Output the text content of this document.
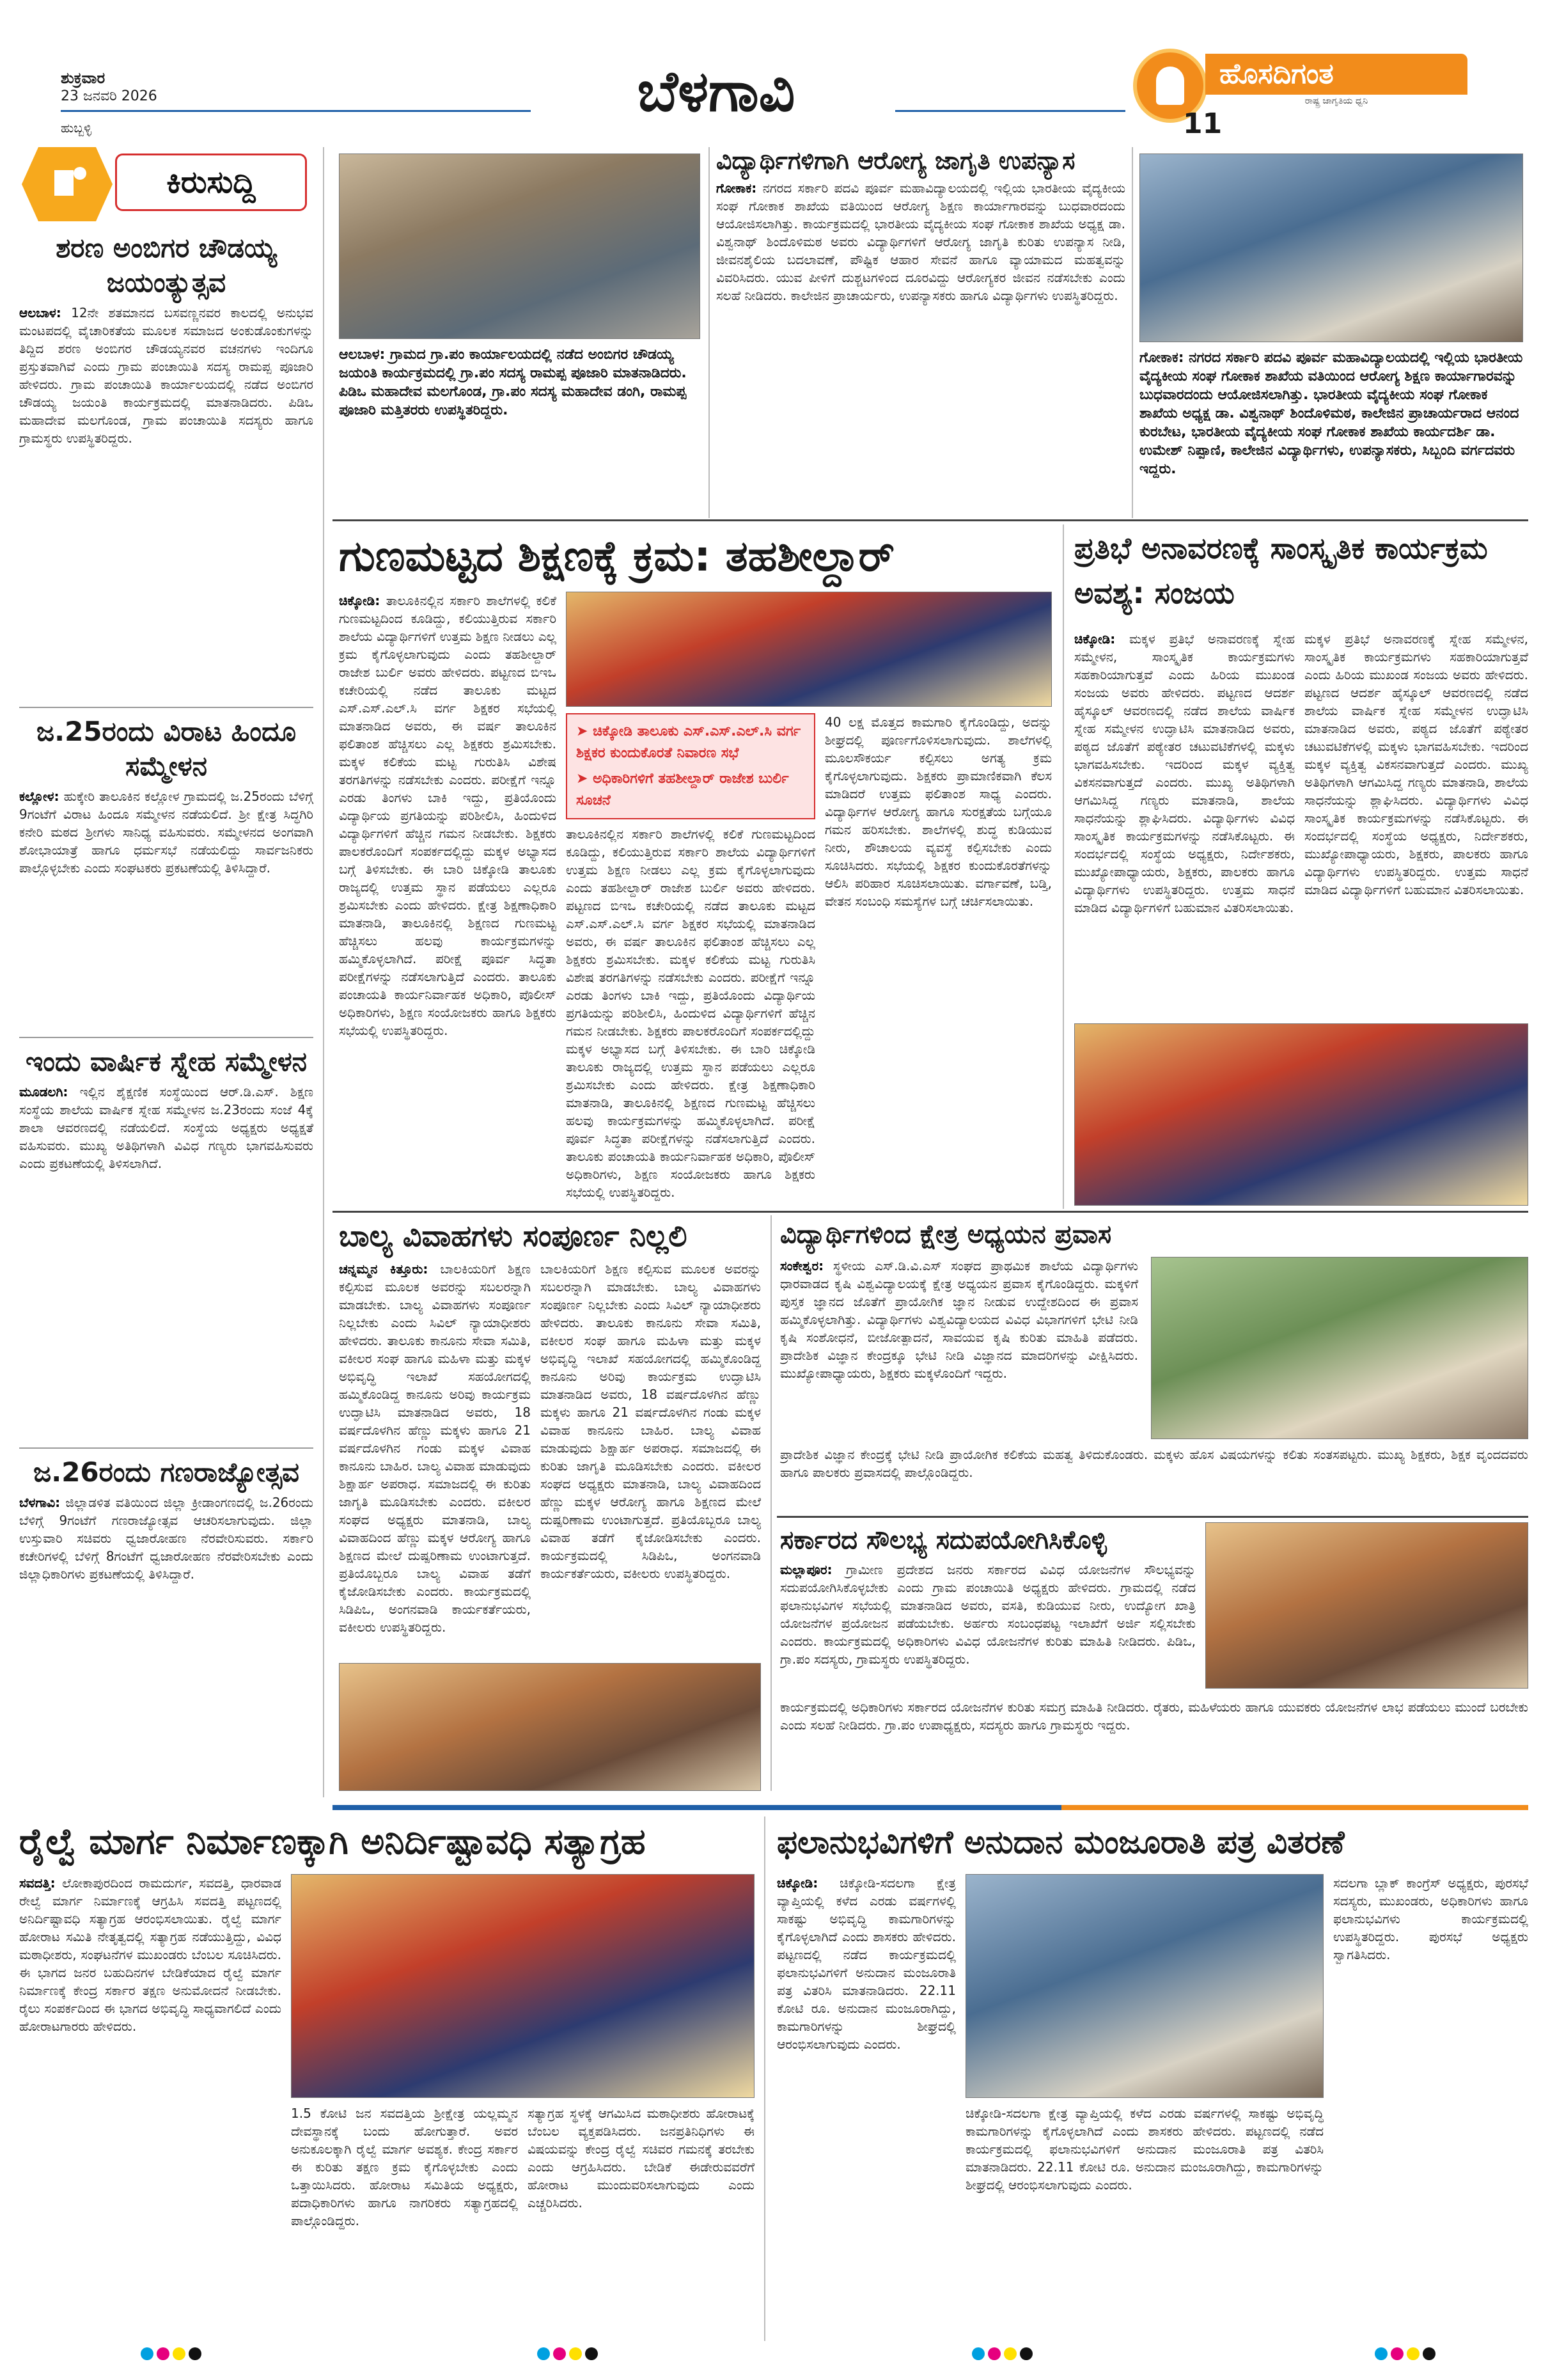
ಶುಕ್ರವಾರ
23 ಜನವರಿ 2026
ಹುಬ್ಬಳ್ಳಿ
ಬೆಳಗಾವಿ	ಹೊಸದಿಗಂತ
ರಾಷ್ಟ್ರ ಜಾಗೃತಿಯ ಧ್ವನಿ
11
ಕಿರುಸುದ್ದಿ
ಶರಣ ಅಂಬಿಗರ ಚೌಡಯ್ಯ ಜಯಂತ್ಯುತ್ಸವ
ಆಲಬಾಳ: 12ನೇ ಶತಮಾನದ ಬಸವಣ್ಣನವರ ಕಾಲದಲ್ಲಿ ಅನುಭವ ಮಂಟಪದಲ್ಲಿ ವೈಚಾರಿಕತೆಯ ಮೂಲಕ ಸಮಾಜದ ಅಂಕುಡೊಂಕುಗಳನ್ನು ತಿದ್ದಿದ ಶರಣ ಅಂಬಿಗರ ಚೌಡಯ್ಯನವರ ವಚನಗಳು ಇಂದಿಗೂ ಪ್ರಸ್ತುತವಾಗಿವೆ ಎಂದು ಗ್ರಾಮ ಪಂಚಾಯಿತಿ ಸದಸ್ಯ ರಾಮಪ್ಪ ಪೂಜಾರಿ ಹೇಳಿದರು. ಗ್ರಾಮ ಪಂಚಾಯಿತಿ ಕಾರ್ಯಾಲಯದಲ್ಲಿ ನಡೆದ ಅಂಬಿಗರ ಚೌಡಯ್ಯ ಜಯಂತಿ ಕಾರ್ಯಕ್ರಮದಲ್ಲಿ ಮಾತನಾಡಿದರು. ಪಿಡಿಒ ಮಹಾದೇವ ಮಲಗೊಂಡ, ಗ್ರಾಮ ಪಂಚಾಯಿತಿ ಸದಸ್ಯರು ಹಾಗೂ ಗ್ರಾಮಸ್ಥರು ಉಪಸ್ಥಿತರಿದ್ದರು.
ಜ.25ರಂದು ವಿರಾಟ ಹಿಂದೂ ಸಮ್ಮೇಳನ
ಕಲ್ಲೋಳ: ಹುಕ್ಕೇರಿ ತಾಲೂಕಿನ ಕಲ್ಲೋಳ ಗ್ರಾಮದಲ್ಲಿ ಜ.25ರಂದು ಬೆಳಿಗ್ಗೆ 9ಗಂಟೆಗೆ ವಿರಾಟ ಹಿಂದೂ ಸಮ್ಮೇಳನ ನಡೆಯಲಿದೆ. ಶ್ರೀ ಕ್ಷೇತ್ರ ಸಿದ್ಧಗಿರಿ ಕನೇರಿ ಮಠದ ಶ್ರೀಗಳು ಸಾನಿಧ್ಯ ವಹಿಸುವರು. ಸಮ್ಮೇಳನದ ಅಂಗವಾಗಿ ಶೋಭಾಯಾತ್ರೆ ಹಾಗೂ ಧರ್ಮಸಭೆ ನಡೆಯಲಿದ್ದು ಸಾರ್ವಜನಿಕರು ಪಾಲ್ಗೊಳ್ಳಬೇಕು ಎಂದು ಸಂಘಟಕರು ಪ್ರಕಟಣೆಯಲ್ಲಿ ತಿಳಿಸಿದ್ದಾರೆ.
ಇಂದು ವಾರ್ಷಿಕ ಸ್ನೇಹ ಸಮ್ಮೇಳನ
ಮೂಡಲಗಿ: ಇಲ್ಲಿನ ಶೈಕ್ಷಣಿಕ ಸಂಸ್ಥೆಯಿಂದ ಆರ್.ಡಿ.ಎಸ್. ಶಿಕ್ಷಣ ಸಂಸ್ಥೆಯ ಶಾಲೆಯ ವಾರ್ಷಿಕ ಸ್ನೇಹ ಸಮ್ಮೇಳನ ಜ.23ರಂದು ಸಂಜೆ 4ಕ್ಕೆ ಶಾಲಾ ಆವರಣದಲ್ಲಿ ನಡೆಯಲಿದೆ. ಸಂಸ್ಥೆಯ ಅಧ್ಯಕ್ಷರು ಅಧ್ಯಕ್ಷತೆ ವಹಿಸುವರು. ಮುಖ್ಯ ಅತಿಥಿಗಳಾಗಿ ವಿವಿಧ ಗಣ್ಯರು ಭಾಗವಹಿಸುವರು ಎಂದು ಪ್ರಕಟಣೆಯಲ್ಲಿ ತಿಳಿಸಲಾಗಿದೆ.
ಜ.26ರಂದು ಗಣರಾಜ್ಯೋತ್ಸವ
ಬೆಳಗಾವಿ: ಜಿಲ್ಲಾಡಳಿತ ವತಿಯಿಂದ ಜಿಲ್ಲಾ ಕ್ರೀಡಾಂಗಣದಲ್ಲಿ ಜ.26ರಂದು ಬೆಳಿಗ್ಗೆ 9ಗಂಟೆಗೆ ಗಣರಾಜ್ಯೋತ್ಸವ ಆಚರಿಸಲಾಗುವುದು. ಜಿಲ್ಲಾ ಉಸ್ತುವಾರಿ ಸಚಿವರು ಧ್ವಜಾರೋಹಣ ನೆರವೇರಿಸುವರು. ಸರ್ಕಾರಿ ಕಚೇರಿಗಳಲ್ಲಿ ಬೆಳಿಗ್ಗೆ 8ಗಂಟೆಗೆ ಧ್ವಜಾರೋಹಣ ನೆರವೇರಿಸಬೇಕು ಎಂದು ಜಿಲ್ಲಾಧಿಕಾರಿಗಳು ಪ್ರಕಟಣೆಯಲ್ಲಿ ತಿಳಿಸಿದ್ದಾರೆ.
ಆಲಬಾಳ: ಗ್ರಾಮದ ಗ್ರಾ.ಪಂ ಕಾರ್ಯಾಲಯದಲ್ಲಿ ನಡೆದ ಅಂಬಿಗರ ಚೌಡಯ್ಯ ಜಯಂತಿ ಕಾರ್ಯಕ್ರಮದಲ್ಲಿ ಗ್ರಾ.ಪಂ ಸದಸ್ಯ ರಾಮಪ್ಪ ಪೂಜಾರಿ ಮಾತನಾಡಿದರು. ಪಿಡಿಒ ಮಹಾದೇವ ಮಲಗೊಂಡ, ಗ್ರಾ.ಪಂ ಸದಸ್ಯ ಮಹಾದೇವ ಡಂಗಿ, ರಾಮಪ್ಪ ಪೂಜಾರಿ ಮತ್ತಿತರರು ಉಪಸ್ಥಿತರಿದ್ದರು.
ವಿದ್ಯಾರ್ಥಿಗಳಿಗಾಗಿ ಆರೋಗ್ಯ ಜಾಗೃತಿ ಉಪನ್ಯಾಸ
ಗೋಕಾಕ: ನಗರದ ಸರ್ಕಾರಿ ಪದವಿ ಪೂರ್ವ ಮಹಾವಿದ್ಯಾಲಯದಲ್ಲಿ ಇಲ್ಲಿಯ ಭಾರತೀಯ ವೈದ್ಯಕೀಯ ಸಂಘ ಗೋಕಾಕ ಶಾಖೆಯ ವತಿಯಿಂದ ಆರೋಗ್ಯ ಶಿಕ್ಷಣ ಕಾರ್ಯಾಗಾರವನ್ನು ಬುಧವಾರದಂದು ಆಯೋಜಿಸಲಾಗಿತ್ತು. ಕಾರ್ಯಕ್ರಮದಲ್ಲಿ ಭಾರತೀಯ ವೈದ್ಯಕೀಯ ಸಂಘ ಗೋಕಾಕ ಶಾಖೆಯ ಅಧ್ಯಕ್ಷ ಡಾ. ವಿಶ್ವನಾಥ್ ಶಿಂದೊಳಿಮಠ ಅವರು ವಿದ್ಯಾರ್ಥಿಗಳಿಗೆ ಆರೋಗ್ಯ ಜಾಗೃತಿ ಕುರಿತು ಉಪನ್ಯಾಸ ನೀಡಿ, ಜೀವನಶೈಲಿಯ ಬದಲಾವಣೆ, ಪೌಷ್ಟಿಕ ಆಹಾರ ಸೇವನೆ ಹಾಗೂ ವ್ಯಾಯಾಮದ ಮಹತ್ವವನ್ನು ವಿವರಿಸಿದರು. ಯುವ ಪೀಳಿಗೆ ದುಶ್ಚಟಗಳಿಂದ ದೂರವಿದ್ದು ಆರೋಗ್ಯಕರ ಜೀವನ ನಡೆಸಬೇಕು ಎಂದು ಸಲಹೆ ನೀಡಿದರು. ಕಾಲೇಜಿನ ಪ್ರಾಚಾರ್ಯರು, ಉಪನ್ಯಾಸಕರು ಹಾಗೂ ವಿದ್ಯಾರ್ಥಿಗಳು ಉಪಸ್ಥಿತರಿದ್ದರು.
ಗೋಕಾಕ: ನಗರದ ಸರ್ಕಾರಿ ಪದವಿ ಪೂರ್ವ ಮಹಾವಿದ್ಯಾಲಯದಲ್ಲಿ ಇಲ್ಲಿಯ ಭಾರತೀಯ ವೈದ್ಯಕೀಯ ಸಂಘ ಗೋಕಾಕ ಶಾಖೆಯ ವತಿಯಿಂದ ಆರೋಗ್ಯ ಶಿಕ್ಷಣ ಕಾರ್ಯಾಗಾರವನ್ನು ಬುಧವಾರದಂದು ಆಯೋಜಿಸಲಾಗಿತ್ತು. ಭಾರತೀಯ ವೈದ್ಯಕೀಯ ಸಂಘ ಗೋಕಾಕ ಶಾಖೆಯ ಅಧ್ಯಕ್ಷ ಡಾ. ವಿಶ್ವನಾಥ್ ಶಿಂದೊಳಿಮಠ, ಕಾಲೇಜಿನ ಪ್ರಾಚಾರ್ಯರಾದ ಆನಂದ ಕುರಬೇಟ, ಭಾರತೀಯ ವೈದ್ಯಕೀಯ ಸಂಘ ಗೋಕಾಕ ಶಾಖೆಯ ಕಾರ್ಯದರ್ಶಿ ಡಾ. ಉಮೇಶ್ ನಿಪ್ಪಾಣಿ, ಕಾಲೇಜಿನ ವಿದ್ಯಾರ್ಥಿಗಳು, ಉಪನ್ಯಾಸಕರು, ಸಿಬ್ಬಂದಿ ವರ್ಗದವರು ಇದ್ದರು.
ಗುಣಮಟ್ಟದ ಶಿಕ್ಷಣಕ್ಕೆ ಕ್ರಮ: ತಹಶೀಲ್ದಾರ್
ಚಿಕ್ಕೋಡಿ: ತಾಲೂಕಿನಲ್ಲಿನ ಸರ್ಕಾರಿ ಶಾಲೆಗಳಲ್ಲಿ ಕಲಿಕೆ ಗುಣಮಟ್ಟದಿಂದ ಕೂಡಿದ್ದು, ಕಲಿಯುತ್ತಿರುವ ಸರ್ಕಾರಿ ಶಾಲೆಯ ವಿದ್ಯಾರ್ಥಿಗಳಿಗೆ ಉತ್ತಮ ಶಿಕ್ಷಣ ನೀಡಲು ಎಲ್ಲ ಕ್ರಮ ಕೈಗೊಳ್ಳಲಾಗುವುದು ಎಂದು ತಹಶೀಲ್ದಾರ್ ರಾಜೇಶ ಬುರ್ಲಿ ಅವರು ಹೇಳಿದರು. ಪಟ್ಟಣದ ಬಿಇಒ ಕಚೇರಿಯಲ್ಲಿ ನಡೆದ ತಾಲೂಕು ಮಟ್ಟದ ಎಸ್.ಎಸ್.ಎಲ್.ಸಿ ವರ್ಗ ಶಿಕ್ಷಕರ ಸಭೆಯಲ್ಲಿ ಮಾತನಾಡಿದ ಅವರು, ಈ ವರ್ಷ ತಾಲೂಕಿನ ಫಲಿತಾಂಶ ಹೆಚ್ಚಿಸಲು ಎಲ್ಲ ಶಿಕ್ಷಕರು ಶ್ರಮಿಸಬೇಕು. ಮಕ್ಕಳ ಕಲಿಕೆಯ ಮಟ್ಟ ಗುರುತಿಸಿ ವಿಶೇಷ ತರಗತಿಗಳನ್ನು ನಡೆಸಬೇಕು ಎಂದರು. ಪರೀಕ್ಷೆಗೆ ಇನ್ನೂ ಎರಡು ತಿಂಗಳು ಬಾಕಿ ಇದ್ದು, ಪ್ರತಿಯೊಂದು ವಿದ್ಯಾರ್ಥಿಯ ಪ್ರಗತಿಯನ್ನು ಪರಿಶೀಲಿಸಿ, ಹಿಂದುಳಿದ ವಿದ್ಯಾರ್ಥಿಗಳಿಗೆ ಹೆಚ್ಚಿನ ಗಮನ ನೀಡಬೇಕು. ಶಿಕ್ಷಕರು ಪಾಲಕರೊಂದಿಗೆ ಸಂಪರ್ಕದಲ್ಲಿದ್ದು ಮಕ್ಕಳ ಅಭ್ಯಾಸದ ಬಗ್ಗೆ ತಿಳಿಸಬೇಕು. ಈ ಬಾರಿ ಚಿಕ್ಕೋಡಿ ತಾಲೂಕು ರಾಜ್ಯದಲ್ಲಿ ಉತ್ತಮ ಸ್ಥಾನ ಪಡೆಯಲು ಎಲ್ಲರೂ ಶ್ರಮಿಸಬೇಕು ಎಂದು ಹೇಳಿದರು. ಕ್ಷೇತ್ರ ಶಿಕ್ಷಣಾಧಿಕಾರಿ ಮಾತನಾಡಿ, ತಾಲೂಕಿನಲ್ಲಿ ಶಿಕ್ಷಣದ ಗುಣಮಟ್ಟ ಹೆಚ್ಚಿಸಲು ಹಲವು ಕಾರ್ಯಕ್ರಮಗಳನ್ನು ಹಮ್ಮಿಕೊಳ್ಳಲಾಗಿದೆ. ಪರೀಕ್ಷೆ ಪೂರ್ವ ಸಿದ್ಧತಾ ಪರೀಕ್ಷೆಗಳನ್ನು ನಡೆಸಲಾಗುತ್ತಿದೆ ಎಂದರು. ತಾಲೂಕು ಪಂಚಾಯತಿ ಕಾರ್ಯನಿರ್ವಾಹಕ ಅಧಿಕಾರಿ, ಪೊಲೀಸ್ ಅಧಿಕಾರಿಗಳು, ಶಿಕ್ಷಣ ಸಂಯೋಜಕರು ಹಾಗೂ ಶಿಕ್ಷಕರು ಸಭೆಯಲ್ಲಿ ಉಪಸ್ಥಿತರಿದ್ದರು.
➤ ಚಿಕ್ಕೋಡಿ ತಾಲೂಕು ಎಸ್.ಎಸ್.ಎಲ್.ಸಿ ವರ್ಗ ಶಿಕ್ಷಕರ ಕುಂದುಕೊರತೆ ನಿವಾರಣ ಸಭೆ
➤ ಅಧಿಕಾರಿಗಳಿಗೆ ತಹಶೀಲ್ದಾರ್ ರಾಜೇಶ ಬುರ್ಲಿ ಸೂಚನೆ
ತಾಲೂಕಿನಲ್ಲಿನ ಸರ್ಕಾರಿ ಶಾಲೆಗಳಲ್ಲಿ ಕಲಿಕೆ ಗುಣಮಟ್ಟದಿಂದ ಕೂಡಿದ್ದು, ಕಲಿಯುತ್ತಿರುವ ಸರ್ಕಾರಿ ಶಾಲೆಯ ವಿದ್ಯಾರ್ಥಿಗಳಿಗೆ ಉತ್ತಮ ಶಿಕ್ಷಣ ನೀಡಲು ಎಲ್ಲ ಕ್ರಮ ಕೈಗೊಳ್ಳಲಾಗುವುದು ಎಂದು ತಹಶೀಲ್ದಾರ್ ರಾಜೇಶ ಬುರ್ಲಿ ಅವರು ಹೇಳಿದರು. ಪಟ್ಟಣದ ಬಿಇಒ ಕಚೇರಿಯಲ್ಲಿ ನಡೆದ ತಾಲೂಕು ಮಟ್ಟದ ಎಸ್.ಎಸ್.ಎಲ್.ಸಿ ವರ್ಗ ಶಿಕ್ಷಕರ ಸಭೆಯಲ್ಲಿ ಮಾತನಾಡಿದ ಅವರು, ಈ ವರ್ಷ ತಾಲೂಕಿನ ಫಲಿತಾಂಶ ಹೆಚ್ಚಿಸಲು ಎಲ್ಲ ಶಿಕ್ಷಕರು ಶ್ರಮಿಸಬೇಕು. ಮಕ್ಕಳ ಕಲಿಕೆಯ ಮಟ್ಟ ಗುರುತಿಸಿ ವಿಶೇಷ ತರಗತಿಗಳನ್ನು ನಡೆಸಬೇಕು ಎಂದರು. ಪರೀಕ್ಷೆಗೆ ಇನ್ನೂ ಎರಡು ತಿಂಗಳು ಬಾಕಿ ಇದ್ದು, ಪ್ರತಿಯೊಂದು ವಿದ್ಯಾರ್ಥಿಯ ಪ್ರಗತಿಯನ್ನು ಪರಿಶೀಲಿಸಿ, ಹಿಂದುಳಿದ ವಿದ್ಯಾರ್ಥಿಗಳಿಗೆ ಹೆಚ್ಚಿನ ಗಮನ ನೀಡಬೇಕು. ಶಿಕ್ಷಕರು ಪಾಲಕರೊಂದಿಗೆ ಸಂಪರ್ಕದಲ್ಲಿದ್ದು ಮಕ್ಕಳ ಅಭ್ಯಾಸದ ಬಗ್ಗೆ ತಿಳಿಸಬೇಕು. ಈ ಬಾರಿ ಚಿಕ್ಕೋಡಿ ತಾಲೂಕು ರಾಜ್ಯದಲ್ಲಿ ಉತ್ತಮ ಸ್ಥಾನ ಪಡೆಯಲು ಎಲ್ಲರೂ ಶ್ರಮಿಸಬೇಕು ಎಂದು ಹೇಳಿದರು. ಕ್ಷೇತ್ರ ಶಿಕ್ಷಣಾಧಿಕಾರಿ ಮಾತನಾಡಿ, ತಾಲೂಕಿನಲ್ಲಿ ಶಿಕ್ಷಣದ ಗುಣಮಟ್ಟ ಹೆಚ್ಚಿಸಲು ಹಲವು ಕಾರ್ಯಕ್ರಮಗಳನ್ನು ಹಮ್ಮಿಕೊಳ್ಳಲಾಗಿದೆ. ಪರೀಕ್ಷೆ ಪೂರ್ವ ಸಿದ್ಧತಾ ಪರೀಕ್ಷೆಗಳನ್ನು ನಡೆಸಲಾಗುತ್ತಿದೆ ಎಂದರು. ತಾಲೂಕು ಪಂಚಾಯತಿ ಕಾರ್ಯನಿರ್ವಾಹಕ ಅಧಿಕಾರಿ, ಪೊಲೀಸ್ ಅಧಿಕಾರಿಗಳು, ಶಿಕ್ಷಣ ಸಂಯೋಜಕರು ಹಾಗೂ ಶಿಕ್ಷಕರು ಸಭೆಯಲ್ಲಿ ಉಪಸ್ಥಿತರಿದ್ದರು.
40 ಲಕ್ಷ ಮೊತ್ತದ ಕಾಮಗಾರಿ ಕೈಗೊಂಡಿದ್ದು, ಅದನ್ನು ಶೀಘ್ರದಲ್ಲಿ ಪೂರ್ಣಗೊಳಿಸಲಾಗುವುದು. ಶಾಲೆಗಳಲ್ಲಿ ಮೂಲಸೌಕರ್ಯ ಕಲ್ಪಿಸಲು ಅಗತ್ಯ ಕ್ರಮ ಕೈಗೊಳ್ಳಲಾಗುವುದು. ಶಿಕ್ಷಕರು ಪ್ರಾಮಾಣಿಕವಾಗಿ ಕೆಲಸ ಮಾಡಿದರೆ ಉತ್ತಮ ಫಲಿತಾಂಶ ಸಾಧ್ಯ ಎಂದರು. ವಿದ್ಯಾರ್ಥಿಗಳ ಆರೋಗ್ಯ ಹಾಗೂ ಸುರಕ್ಷತೆಯ ಬಗ್ಗೆಯೂ ಗಮನ ಹರಿಸಬೇಕು. ಶಾಲೆಗಳಲ್ಲಿ ಶುದ್ಧ ಕುಡಿಯುವ ನೀರು, ಶೌಚಾಲಯ ವ್ಯವಸ್ಥೆ ಕಲ್ಪಿಸಬೇಕು ಎಂದು ಸೂಚಿಸಿದರು. ಸಭೆಯಲ್ಲಿ ಶಿಕ್ಷಕರ ಕುಂದುಕೊರತೆಗಳನ್ನು ಆಲಿಸಿ ಪರಿಹಾರ ಸೂಚಿಸಲಾಯಿತು. ವರ್ಗಾವಣೆ, ಬಡ್ತಿ, ವೇತನ ಸಂಬಂಧಿ ಸಮಸ್ಯೆಗಳ ಬಗ್ಗೆ ಚರ್ಚಿಸಲಾಯಿತು.
ಪ್ರತಿಭೆ ಅನಾವರಣಕ್ಕೆ ಸಾಂಸ್ಕೃತಿಕ ಕಾರ್ಯಕ್ರಮ ಅವಶ್ಯ: ಸಂಜಯ
ಚಿಕ್ಕೋಡಿ: ಮಕ್ಕಳ ಪ್ರತಿಭೆ ಅನಾವರಣಕ್ಕೆ ಸ್ನೇಹ ಸಮ್ಮೇಳನ, ಸಾಂಸ್ಕೃತಿಕ ಕಾರ್ಯಕ್ರಮಗಳು ಸಹಕಾರಿಯಾಗುತ್ತವೆ ಎಂದು ಹಿರಿಯ ಮುಖಂಡ ಸಂಜಯ ಅವರು ಹೇಳಿದರು. ಪಟ್ಟಣದ ಆದರ್ಶ ಹೈಸ್ಕೂಲ್ ಆವರಣದಲ್ಲಿ ನಡೆದ ಶಾಲೆಯ ವಾರ್ಷಿಕ ಸ್ನೇಹ ಸಮ್ಮೇಳನ ಉದ್ಘಾಟಿಸಿ ಮಾತನಾಡಿದ ಅವರು, ಪಠ್ಯದ ಜೊತೆಗೆ ಪಠ್ಯೇತರ ಚಟುವಟಿಕೆಗಳಲ್ಲಿ ಮಕ್ಕಳು ಭಾಗವಹಿಸಬೇಕು. ಇದರಿಂದ ಮಕ್ಕಳ ವ್ಯಕ್ತಿತ್ವ ವಿಕಸನವಾಗುತ್ತದೆ ಎಂದರು. ಮುಖ್ಯ ಅತಿಥಿಗಳಾಗಿ ಆಗಮಿಸಿದ್ದ ಗಣ್ಯರು ಮಾತನಾಡಿ, ಶಾಲೆಯ ಸಾಧನೆಯನ್ನು ಶ್ಲಾಘಿಸಿದರು. ವಿದ್ಯಾರ್ಥಿಗಳು ವಿವಿಧ ಸಾಂಸ್ಕೃತಿಕ ಕಾರ್ಯಕ್ರಮಗಳನ್ನು ನಡೆಸಿಕೊಟ್ಟರು. ಈ ಸಂದರ್ಭದಲ್ಲಿ ಸಂಸ್ಥೆಯ ಅಧ್ಯಕ್ಷರು, ನಿರ್ದೇಶಕರು, ಮುಖ್ಯೋಪಾಧ್ಯಾಯರು, ಶಿಕ್ಷಕರು, ಪಾಲಕರು ಹಾಗೂ ವಿದ್ಯಾರ್ಥಿಗಳು ಉಪಸ್ಥಿತರಿದ್ದರು. ಉತ್ತಮ ಸಾಧನೆ ಮಾಡಿದ ವಿದ್ಯಾರ್ಥಿಗಳಿಗೆ ಬಹುಮಾನ ವಿತರಿಸಲಾಯಿತು.
ಮಕ್ಕಳ ಪ್ರತಿಭೆ ಅನಾವರಣಕ್ಕೆ ಸ್ನೇಹ ಸಮ್ಮೇಳನ, ಸಾಂಸ್ಕೃತಿಕ ಕಾರ್ಯಕ್ರಮಗಳು ಸಹಕಾರಿಯಾಗುತ್ತವೆ ಎಂದು ಹಿರಿಯ ಮುಖಂಡ ಸಂಜಯ ಅವರು ಹೇಳಿದರು. ಪಟ್ಟಣದ ಆದರ್ಶ ಹೈಸ್ಕೂಲ್ ಆವರಣದಲ್ಲಿ ನಡೆದ ಶಾಲೆಯ ವಾರ್ಷಿಕ ಸ್ನೇಹ ಸಮ್ಮೇಳನ ಉದ್ಘಾಟಿಸಿ ಮಾತನಾಡಿದ ಅವರು, ಪಠ್ಯದ ಜೊತೆಗೆ ಪಠ್ಯೇತರ ಚಟುವಟಿಕೆಗಳಲ್ಲಿ ಮಕ್ಕಳು ಭಾಗವಹಿಸಬೇಕು. ಇದರಿಂದ ಮಕ್ಕಳ ವ್ಯಕ್ತಿತ್ವ ವಿಕಸನವಾಗುತ್ತದೆ ಎಂದರು. ಮುಖ್ಯ ಅತಿಥಿಗಳಾಗಿ ಆಗಮಿಸಿದ್ದ ಗಣ್ಯರು ಮಾತನಾಡಿ, ಶಾಲೆಯ ಸಾಧನೆಯನ್ನು ಶ್ಲಾಘಿಸಿದರು. ವಿದ್ಯಾರ್ಥಿಗಳು ವಿವಿಧ ಸಾಂಸ್ಕೃತಿಕ ಕಾರ್ಯಕ್ರಮಗಳನ್ನು ನಡೆಸಿಕೊಟ್ಟರು. ಈ ಸಂದರ್ಭದಲ್ಲಿ ಸಂಸ್ಥೆಯ ಅಧ್ಯಕ್ಷರು, ನಿರ್ದೇಶಕರು, ಮುಖ್ಯೋಪಾಧ್ಯಾಯರು, ಶಿಕ್ಷಕರು, ಪಾಲಕರು ಹಾಗೂ ವಿದ್ಯಾರ್ಥಿಗಳು ಉಪಸ್ಥಿತರಿದ್ದರು. ಉತ್ತಮ ಸಾಧನೆ ಮಾಡಿದ ವಿದ್ಯಾರ್ಥಿಗಳಿಗೆ ಬಹುಮಾನ ವಿತರಿಸಲಾಯಿತು.
ಬಾಲ್ಯ ವಿವಾಹಗಳು ಸಂಪೂರ್ಣ ನಿಲ್ಲಲಿ
ಚನ್ನಮ್ಮನ ಕಿತ್ತೂರು: ಬಾಲಕಿಯರಿಗೆ ಶಿಕ್ಷಣ ಕಲ್ಪಿಸುವ ಮೂಲಕ ಅವರನ್ನು ಸಬಲರನ್ನಾಗಿ ಮಾಡಬೇಕು. ಬಾಲ್ಯ ವಿವಾಹಗಳು ಸಂಪೂರ್ಣ ನಿಲ್ಲಬೇಕು ಎಂದು ಸಿವಿಲ್ ನ್ಯಾಯಾಧೀಶರು ಹೇಳಿದರು. ತಾಲೂಕು ಕಾನೂನು ಸೇವಾ ಸಮಿತಿ, ವಕೀಲರ ಸಂಘ ಹಾಗೂ ಮಹಿಳಾ ಮತ್ತು ಮಕ್ಕಳ ಅಭಿವೃದ್ಧಿ ಇಲಾಖೆ ಸಹಯೋಗದಲ್ಲಿ ಹಮ್ಮಿಕೊಂಡಿದ್ದ ಕಾನೂನು ಅರಿವು ಕಾರ್ಯಕ್ರಮ ಉದ್ಘಾಟಿಸಿ ಮಾತನಾಡಿದ ಅವರು, 18 ವರ್ಷದೊಳಗಿನ ಹೆಣ್ಣು ಮಕ್ಕಳು ಹಾಗೂ 21 ವರ್ಷದೊಳಗಿನ ಗಂಡು ಮಕ್ಕಳ ವಿವಾಹ ಕಾನೂನು ಬಾಹಿರ. ಬಾಲ್ಯ ವಿವಾಹ ಮಾಡುವುದು ಶಿಕ್ಷಾರ್ಹ ಅಪರಾಧ. ಸಮಾಜದಲ್ಲಿ ಈ ಕುರಿತು ಜಾಗೃತಿ ಮೂಡಿಸಬೇಕು ಎಂದರು. ವಕೀಲರ ಸಂಘದ ಅಧ್ಯಕ್ಷರು ಮಾತನಾಡಿ, ಬಾಲ್ಯ ವಿವಾಹದಿಂದ ಹೆಣ್ಣು ಮಕ್ಕಳ ಆರೋಗ್ಯ ಹಾಗೂ ಶಿಕ್ಷಣದ ಮೇಲೆ ದುಷ್ಪರಿಣಾಮ ಉಂಟಾಗುತ್ತದೆ. ಪ್ರತಿಯೊಬ್ಬರೂ ಬಾಲ್ಯ ವಿವಾಹ ತಡೆಗೆ ಕೈಜೋಡಿಸಬೇಕು ಎಂದರು. ಕಾರ್ಯಕ್ರಮದಲ್ಲಿ ಸಿಡಿಪಿಒ, ಅಂಗನವಾಡಿ ಕಾರ್ಯಕರ್ತೆಯರು, ವಕೀಲರು ಉಪಸ್ಥಿತರಿದ್ದರು.
ಬಾಲಕಿಯರಿಗೆ ಶಿಕ್ಷಣ ಕಲ್ಪಿಸುವ ಮೂಲಕ ಅವರನ್ನು ಸಬಲರನ್ನಾಗಿ ಮಾಡಬೇಕು. ಬಾಲ್ಯ ವಿವಾಹಗಳು ಸಂಪೂರ್ಣ ನಿಲ್ಲಬೇಕು ಎಂದು ಸಿವಿಲ್ ನ್ಯಾಯಾಧೀಶರು ಹೇಳಿದರು. ತಾಲೂಕು ಕಾನೂನು ಸೇವಾ ಸಮಿತಿ, ವಕೀಲರ ಸಂಘ ಹಾಗೂ ಮಹಿಳಾ ಮತ್ತು ಮಕ್ಕಳ ಅಭಿವೃದ್ಧಿ ಇಲಾಖೆ ಸಹಯೋಗದಲ್ಲಿ ಹಮ್ಮಿಕೊಂಡಿದ್ದ ಕಾನೂನು ಅರಿವು ಕಾರ್ಯಕ್ರಮ ಉದ್ಘಾಟಿಸಿ ಮಾತನಾಡಿದ ಅವರು, 18 ವರ್ಷದೊಳಗಿನ ಹೆಣ್ಣು ಮಕ್ಕಳು ಹಾಗೂ 21 ವರ್ಷದೊಳಗಿನ ಗಂಡು ಮಕ್ಕಳ ವಿವಾಹ ಕಾನೂನು ಬಾಹಿರ. ಬಾಲ್ಯ ವಿವಾಹ ಮಾಡುವುದು ಶಿಕ್ಷಾರ್ಹ ಅಪರಾಧ. ಸಮಾಜದಲ್ಲಿ ಈ ಕುರಿತು ಜಾಗೃತಿ ಮೂಡಿಸಬೇಕು ಎಂದರು. ವಕೀಲರ ಸಂಘದ ಅಧ್ಯಕ್ಷರು ಮಾತನಾಡಿ, ಬಾಲ್ಯ ವಿವಾಹದಿಂದ ಹೆಣ್ಣು ಮಕ್ಕಳ ಆರೋಗ್ಯ ಹಾಗೂ ಶಿಕ್ಷಣದ ಮೇಲೆ ದುಷ್ಪರಿಣಾಮ ಉಂಟಾಗುತ್ತದೆ. ಪ್ರತಿಯೊಬ್ಬರೂ ಬಾಲ್ಯ ವಿವಾಹ ತಡೆಗೆ ಕೈಜೋಡಿಸಬೇಕು ಎಂದರು. ಕಾರ್ಯಕ್ರಮದಲ್ಲಿ ಸಿಡಿಪಿಒ, ಅಂಗನವಾಡಿ ಕಾರ್ಯಕರ್ತೆಯರು, ವಕೀಲರು ಉಪಸ್ಥಿತರಿದ್ದರು.
ವಿದ್ಯಾರ್ಥಿಗಳಿಂದ ಕ್ಷೇತ್ರ ಅಧ್ಯಯನ ಪ್ರವಾಸ
ಸಂಕೇಶ್ವರ: ಸ್ಥಳೀಯ ಎಸ್.ಡಿ.ವಿ.ಎಸ್ ಸಂಘದ ಪ್ರಾಥಮಿಕ ಶಾಲೆಯ ವಿದ್ಯಾರ್ಥಿಗಳು ಧಾರವಾಡದ ಕೃಷಿ ವಿಶ್ವವಿದ್ಯಾಲಯಕ್ಕೆ ಕ್ಷೇತ್ರ ಅಧ್ಯಯನ ಪ್ರವಾಸ ಕೈಗೊಂಡಿದ್ದರು. ಮಕ್ಕಳಿಗೆ ಪುಸ್ತಕ ಜ್ಞಾನದ ಜೊತೆಗೆ ಪ್ರಾಯೋಗಿಕ ಜ್ಞಾನ ನೀಡುವ ಉದ್ದೇಶದಿಂದ ಈ ಪ್ರವಾಸ ಹಮ್ಮಿಕೊಳ್ಳಲಾಗಿತ್ತು. ವಿದ್ಯಾರ್ಥಿಗಳು ವಿಶ್ವವಿದ್ಯಾಲಯದ ವಿವಿಧ ವಿಭಾಗಗಳಿಗೆ ಭೇಟಿ ನೀಡಿ ಕೃಷಿ ಸಂಶೋಧನೆ, ಬೀಜೋತ್ಪಾದನೆ, ಸಾವಯವ ಕೃಷಿ ಕುರಿತು ಮಾಹಿತಿ ಪಡೆದರು. ಪ್ರಾದೇಶಿಕ ವಿಜ್ಞಾನ ಕೇಂದ್ರಕ್ಕೂ ಭೇಟಿ ನೀಡಿ ವಿಜ್ಞಾನದ ಮಾದರಿಗಳನ್ನು ವೀಕ್ಷಿಸಿದರು. ಮುಖ್ಯೋಪಾಧ್ಯಾಯರು, ಶಿಕ್ಷಕರು ಮಕ್ಕಳೊಂದಿಗೆ ಇದ್ದರು.
ಪ್ರಾದೇಶಿಕ ವಿಜ್ಞಾನ ಕೇಂದ್ರಕ್ಕೆ ಭೇಟಿ ನೀಡಿ ಪ್ರಾಯೋಗಿಕ ಕಲಿಕೆಯ ಮಹತ್ವ ತಿಳಿದುಕೊಂಡರು. ಮಕ್ಕಳು ಹೊಸ ವಿಷಯಗಳನ್ನು ಕಲಿತು ಸಂತಸಪಟ್ಟರು. ಮುಖ್ಯ ಶಿಕ್ಷಕರು, ಶಿಕ್ಷಕ ವೃಂದದವರು ಹಾಗೂ ಪಾಲಕರು ಪ್ರವಾಸದಲ್ಲಿ ಪಾಲ್ಗೊಂಡಿದ್ದರು.
ಸರ್ಕಾರದ ಸೌಲಭ್ಯ ಸದುಪಯೋಗಿಸಿಕೊಳ್ಳಿ
ಮಲ್ಲಾಪೂರ: ಗ್ರಾಮೀಣ ಪ್ರದೇಶದ ಜನರು ಸರ್ಕಾರದ ವಿವಿಧ ಯೋಜನೆಗಳ ಸೌಲಭ್ಯವನ್ನು ಸದುಪಯೋಗಿಸಿಕೊಳ್ಳಬೇಕು ಎಂದು ಗ್ರಾಮ ಪಂಚಾಯಿತಿ ಅಧ್ಯಕ್ಷರು ಹೇಳಿದರು. ಗ್ರಾಮದಲ್ಲಿ ನಡೆದ ಫಲಾನುಭವಿಗಳ ಸಭೆಯಲ್ಲಿ ಮಾತನಾಡಿದ ಅವರು, ವಸತಿ, ಕುಡಿಯುವ ನೀರು, ಉದ್ಯೋಗ ಖಾತ್ರಿ ಯೋಜನೆಗಳ ಪ್ರಯೋಜನ ಪಡೆಯಬೇಕು. ಅರ್ಹರು ಸಂಬಂಧಪಟ್ಟ ಇಲಾಖೆಗೆ ಅರ್ಜಿ ಸಲ್ಲಿಸಬೇಕು ಎಂದರು. ಕಾರ್ಯಕ್ರಮದಲ್ಲಿ ಅಧಿಕಾರಿಗಳು ವಿವಿಧ ಯೋಜನೆಗಳ ಕುರಿತು ಮಾಹಿತಿ ನೀಡಿದರು. ಪಿಡಿಒ, ಗ್ರಾ.ಪಂ ಸದಸ್ಯರು, ಗ್ರಾಮಸ್ಥರು ಉಪಸ್ಥಿತರಿದ್ದರು.
ಕಾರ್ಯಕ್ರಮದಲ್ಲಿ ಅಧಿಕಾರಿಗಳು ಸರ್ಕಾರದ ಯೋಜನೆಗಳ ಕುರಿತು ಸಮಗ್ರ ಮಾಹಿತಿ ನೀಡಿದರು. ರೈತರು, ಮಹಿಳೆಯರು ಹಾಗೂ ಯುವಕರು ಯೋಜನೆಗಳ ಲಾಭ ಪಡೆಯಲು ಮುಂದೆ ಬರಬೇಕು ಎಂದು ಸಲಹೆ ನೀಡಿದರು. ಗ್ರಾ.ಪಂ ಉಪಾಧ್ಯಕ್ಷರು, ಸದಸ್ಯರು ಹಾಗೂ ಗ್ರಾಮಸ್ಥರು ಇದ್ದರು.
ರೈಲ್ವೆ ಮಾರ್ಗ ನಿರ್ಮಾಣಕ್ಕಾಗಿ ಅನಿರ್ದಿಷ್ಟಾವಧಿ ಸತ್ಯಾಗ್ರಹ
ಸವದತ್ತಿ: ಲೋಕಾಪುರದಿಂದ ರಾಮದುರ್ಗ, ಸವದತ್ತಿ, ಧಾರವಾಡ ರೇಲ್ವೆ ಮಾರ್ಗ ನಿರ್ಮಾಣಕ್ಕೆ ಆಗ್ರಹಿಸಿ ಸವದತ್ತಿ ಪಟ್ಟಣದಲ್ಲಿ ಅನಿರ್ದಿಷ್ಟಾವಧಿ ಸತ್ಯಾಗ್ರಹ ಆರಂಭಿಸಲಾಯಿತು. ರೈಲ್ವೆ ಮಾರ್ಗ ಹೋರಾಟ ಸಮಿತಿ ನೇತೃತ್ವದಲ್ಲಿ ಸತ್ಯಾಗ್ರಹ ನಡೆಯುತ್ತಿದ್ದು, ವಿವಿಧ ಮಠಾಧೀಶರು, ಸಂಘಟನೆಗಳ ಮುಖಂಡರು ಬೆಂಬಲ ಸೂಚಿಸಿದರು. ಈ ಭಾಗದ ಜನರ ಬಹುದಿನಗಳ ಬೇಡಿಕೆಯಾದ ರೈಲ್ವೆ ಮಾರ್ಗ ನಿರ್ಮಾಣಕ್ಕೆ ಕೇಂದ್ರ ಸರ್ಕಾರ ತಕ್ಷಣ ಅನುಮೋದನೆ ನೀಡಬೇಕು. ರೈಲು ಸಂಪರ್ಕದಿಂದ ಈ ಭಾಗದ ಅಭಿವೃದ್ಧಿ ಸಾಧ್ಯವಾಗಲಿದೆ ಎಂದು ಹೋರಾಟಗಾರರು ಹೇಳಿದರು.
1.5 ಕೋಟಿ ಜನ ಸವದತ್ತಿಯ ಶ್ರೀಕ್ಷೇತ್ರ ಯಲ್ಲಮ್ಮನ ದೇವಸ್ಥಾನಕ್ಕೆ ಬಂದು ಹೋಗುತ್ತಾರೆ. ಅವರ ಅನುಕೂಲಕ್ಕಾಗಿ ರೈಲ್ವೆ ಮಾರ್ಗ ಅವಶ್ಯಕ. ಕೇಂದ್ರ ಸರ್ಕಾರ ಈ ಕುರಿತು ತಕ್ಷಣ ಕ್ರಮ ಕೈಗೊಳ್ಳಬೇಕು ಎಂದು ಒತ್ತಾಯಿಸಿದರು. ಹೋರಾಟ ಸಮಿತಿಯ ಅಧ್ಯಕ್ಷರು, ಪದಾಧಿಕಾರಿಗಳು ಹಾಗೂ ನಾಗರಿಕರು ಸತ್ಯಾಗ್ರಹದಲ್ಲಿ ಪಾಲ್ಗೊಂಡಿದ್ದರು.
ಸತ್ಯಾಗ್ರಹ ಸ್ಥಳಕ್ಕೆ ಆಗಮಿಸಿದ ಮಠಾಧೀಶರು ಹೋರಾಟಕ್ಕೆ ಬೆಂಬಲ ವ್ಯಕ್ತಪಡಿಸಿದರು. ಜನಪ್ರತಿನಿಧಿಗಳು ಈ ವಿಷಯವನ್ನು ಕೇಂದ್ರ ರೈಲ್ವೆ ಸಚಿವರ ಗಮನಕ್ಕೆ ತರಬೇಕು ಎಂದು ಆಗ್ರಹಿಸಿದರು. ಬೇಡಿಕೆ ಈಡೇರುವವರೆಗೆ ಹೋರಾಟ ಮುಂದುವರಿಸಲಾಗುವುದು ಎಂದು ಎಚ್ಚರಿಸಿದರು.
ಫಲಾನುಭವಿಗಳಿಗೆ ಅನುದಾನ ಮಂಜೂರಾತಿ ಪತ್ರ ವಿತರಣೆ
ಚಿಕ್ಕೋಡಿ: ಚಿಕ್ಕೋಡಿ-ಸದಲಗಾ ಕ್ಷೇತ್ರ ವ್ಯಾಪ್ತಿಯಲ್ಲಿ ಕಳೆದ ಎರಡು ವರ್ಷಗಳಲ್ಲಿ ಸಾಕಷ್ಟು ಅಭಿವೃದ್ಧಿ ಕಾಮಗಾರಿಗಳನ್ನು ಕೈಗೊಳ್ಳಲಾಗಿದೆ ಎಂದು ಶಾಸಕರು ಹೇಳಿದರು. ಪಟ್ಟಣದಲ್ಲಿ ನಡೆದ ಕಾರ್ಯಕ್ರಮದಲ್ಲಿ ಫಲಾನುಭವಿಗಳಿಗೆ ಅನುದಾನ ಮಂಜೂರಾತಿ ಪತ್ರ ವಿತರಿಸಿ ಮಾತನಾಡಿದರು. 22.11 ಕೋಟಿ ರೂ. ಅನುದಾನ ಮಂಜೂರಾಗಿದ್ದು, ಕಾಮಗಾರಿಗಳನ್ನು ಶೀಘ್ರದಲ್ಲಿ ಆರಂಭಿಸಲಾಗುವುದು ಎಂದರು.
ಚಿಕ್ಕೋಡಿ-ಸದಲಗಾ ಕ್ಷೇತ್ರ ವ್ಯಾಪ್ತಿಯಲ್ಲಿ ಕಳೆದ ಎರಡು ವರ್ಷಗಳಲ್ಲಿ ಸಾಕಷ್ಟು ಅಭಿವೃದ್ಧಿ ಕಾಮಗಾರಿಗಳನ್ನು ಕೈಗೊಳ್ಳಲಾಗಿದೆ ಎಂದು ಶಾಸಕರು ಹೇಳಿದರು. ಪಟ್ಟಣದಲ್ಲಿ ನಡೆದ ಕಾರ್ಯಕ್ರಮದಲ್ಲಿ ಫಲಾನುಭವಿಗಳಿಗೆ ಅನುದಾನ ಮಂಜೂರಾತಿ ಪತ್ರ ವಿತರಿಸಿ ಮಾತನಾಡಿದರು. 22.11 ಕೋಟಿ ರೂ. ಅನುದಾನ ಮಂಜೂರಾಗಿದ್ದು, ಕಾಮಗಾರಿಗಳನ್ನು ಶೀಘ್ರದಲ್ಲಿ ಆರಂಭಿಸಲಾಗುವುದು ಎಂದರು.
ಸದಲಗಾ ಬ್ಲಾಕ್ ಕಾಂಗ್ರೆಸ್ ಅಧ್ಯಕ್ಷರು, ಪುರಸಭೆ ಸದಸ್ಯರು, ಮುಖಂಡರು, ಅಧಿಕಾರಿಗಳು ಹಾಗೂ ಫಲಾನುಭವಿಗಳು ಕಾರ್ಯಕ್ರಮದಲ್ಲಿ ಉಪಸ್ಥಿತರಿದ್ದರು. ಪುರಸಭೆ ಅಧ್ಯಕ್ಷರು ಸ್ವಾಗತಿಸಿದರು.
